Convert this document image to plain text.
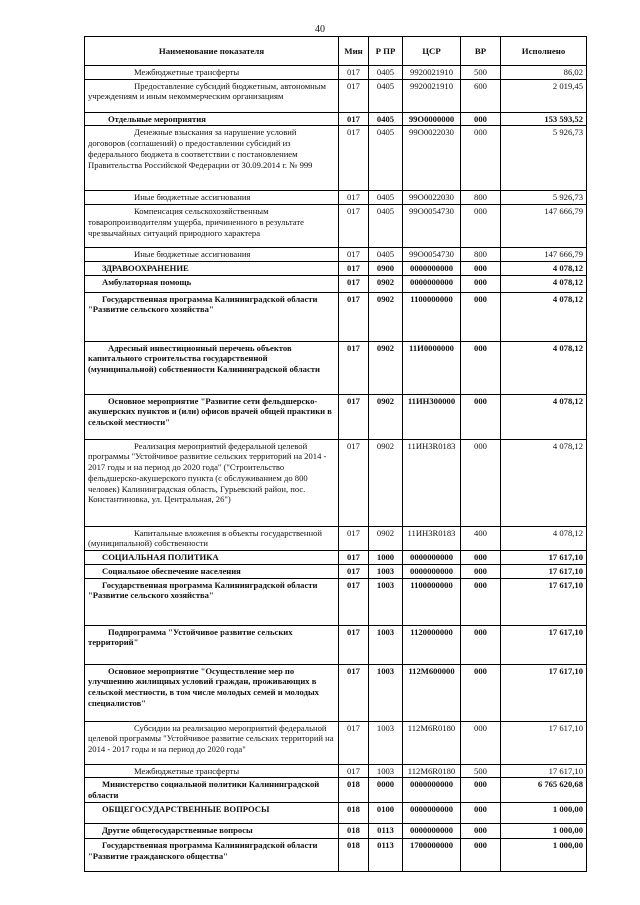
40
Наименование показателя	Мин	Р ПР	ЦСР	ВР	Исполнено
Межбюджетные трансферты	017	0405	9920021910	500	86,02
Предоставление субсидий бюджетным, автономным учреждениям и иным некоммерческим организациям	017	0405	9920021910	600	2 019,45
Отдельные мероприятия	017	0405	99О0000000	000	153 593,52
Денежные взыскания за нарушение условий договоров (соглашений) о предоставлении субсидий из федерального бюджета в соответствии с постановлением Правительства Российской Федерации от 30.09.2014 г. № 999	017	0405	99О0022030	000	5 926,73
Иные бюджетные ассигнования	017	0405	99О0022030	800	5 926,73
Компенсация сельскохозяйственным товаропроизводителям ущерба, причиненного в результате чрезвычайных ситуаций природного характера	017	0405	99О0054730	000	147 666,79
Иные бюджетные ассигнования	017	0405	99О0054730	800	147 666,79
ЗДРАВООХРАНЕНИЕ	017	0900	0000000000	000	4 078,12
Амбулаторная помощь	017	0902	0000000000	000	4 078,12
Государственная программа Калининградской области "Развитие сельского хозяйства"	017	0902	1100000000	000	4 078,12
Адресный инвестиционный перечень объектов капитального строительства государственной (муниципальной) собственности Калининградской области	017	0902	11И0000000	000	4 078,12
Основное мероприятие "Развитие сети фельдшерско-акушерских пунктов и (или) офисов врачей общей практики в сельской местности"	017	0902	11ИН300000	000	4 078,12
Реализация мероприятий федеральной целевой программы "Устойчивое развитие сельских территорий на 2014 - 2017 годы и на период до 2020 года" ("Строительство фельдшерско-акушерского пункта (с обслуживанием до 800 человек) Калининградская область, Гурьевский район, пос. Константиновка, ул. Центральная, 26")	017	0902	11ИН3R0183	000	4 078,12
Капитальные вложения в объекты государственной (муниципальной) собственности	017	0902	11ИН3R0183	400	4 078,12
СОЦИАЛЬНАЯ ПОЛИТИКА	017	1000	0000000000	000	17 617,10
Социальное обеспечение населения	017	1003	0000000000	000	17 617,10
Государственная программа Калининградской области "Развитие сельского хозяйства"	017	1003	1100000000	000	17 617,10
Подпрограмма "Устойчивое развитие сельских территорий"	017	1003	1120000000	000	17 617,10
Основное мероприятие "Осуществление мер по улучшению жилищных условий граждан, проживающих в сельской местности, в том числе молодых семей и молодых специалистов"	017	1003	112М600000	000	17 617,10
Субсидии на реализацию мероприятий федеральной целевой программы "Устойчивое развитие сельских территорий на 2014 - 2017 годы и на период до 2020 года"	017	1003	112М6R0180	000	17 617,10
Межбюджетные трансферты	017	1003	112М6R0180	500	17 617,10
Министерство социальной политики Калининградской области	018	0000	0000000000	000	6 765 620,68
ОБЩЕГОСУДАРСТВЕННЫЕ ВОПРОСЫ	018	0100	0000000000	000	1 000,00
Другие общегосударственные вопросы	018	0113	0000000000	000	1 000,00
Государственная программа Калининградской области "Развитие гражданского общества"	018	0113	1700000000	000	1 000,00
